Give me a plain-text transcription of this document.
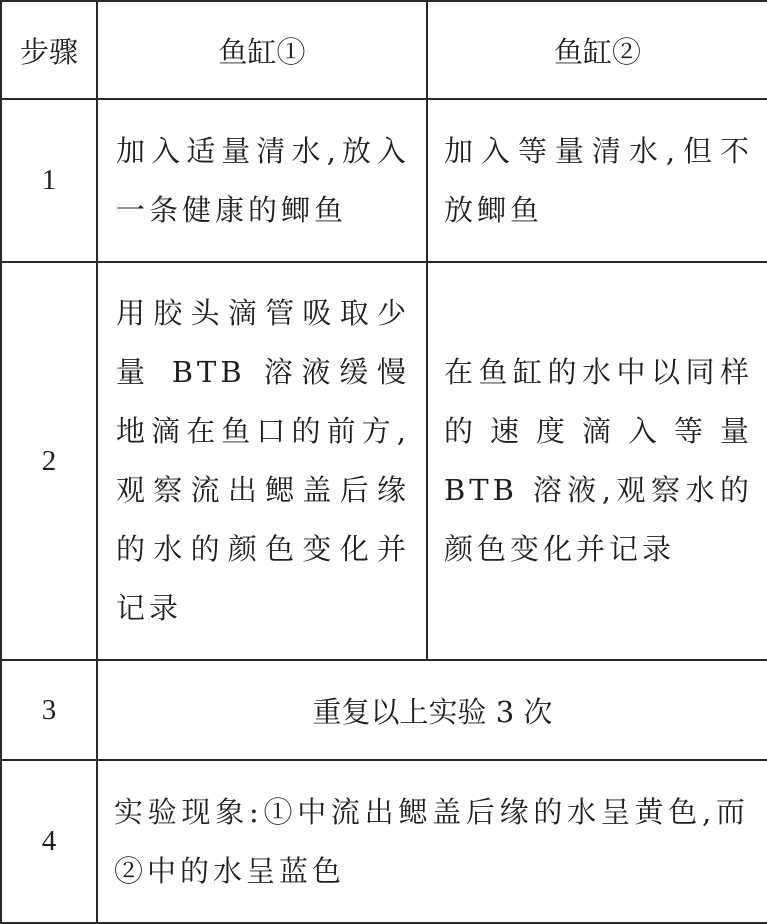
步骤	鱼缸①	鱼缸②
1	加入适量清水,放入一条健康的鲫鱼	加入等量清水,但不放鲫鱼
2	用胶头滴管吸取少量 BTB 溶液缓慢地滴在鱼口的前方,观察流出鳃盖后缘的水的颜色变化并记录	在鱼缸的水中以同样的速度滴入等量 BTB 溶液,观察水的颜色变化并记录
3	重复以上实验 3 次	
4	实验现象:①中流出鳃盖后缘的水呈黄色,而②中的水呈蓝色	
